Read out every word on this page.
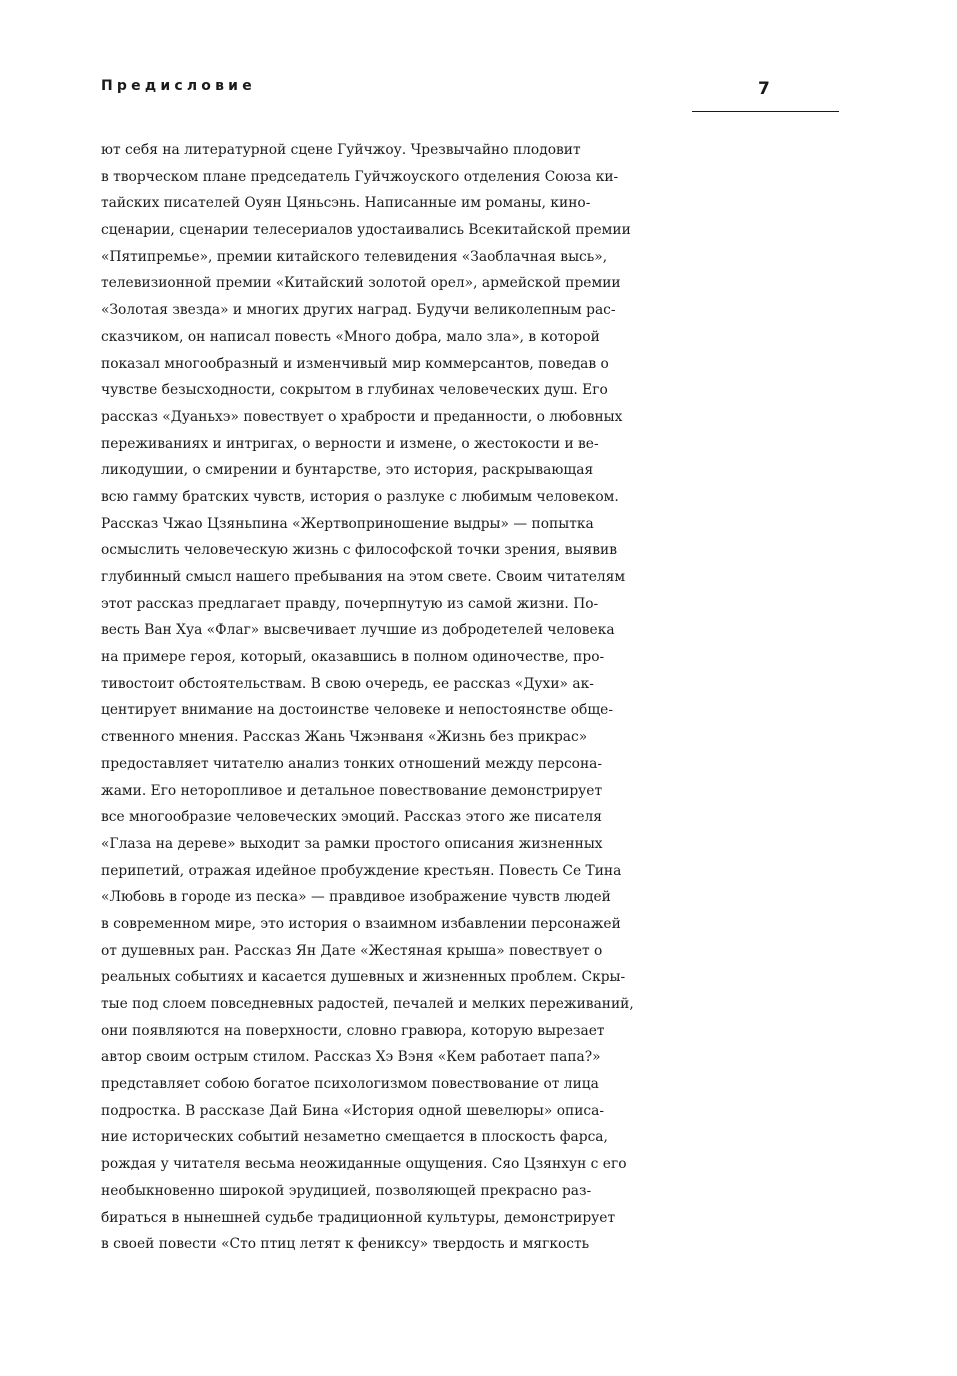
Предисловие	7
ют себя на литературной сцене Гуйчжоу. Чрезвычайно плодовит
в творческом плане председатель Гуйчжоуского отделения Союза ки-
тайских писателей Оуян Цяньсэнь. Написанные им романы, кино-
сценарии, сценарии телесериалов удостаивались Всекитайской премии
«Пятипремье», премии китайского телевидения «Заоблачная высь»,
телевизионной премии «Китайский золотой орел», армейской премии
«Золотая звезда» и многих других наград. Будучи великолепным рас-
сказчиком, он написал повесть «Много добра, мало зла», в которой
показал многообразный и изменчивый мир коммерсантов, поведав о
чувстве безысходности, сокрытом в глубинах человеческих душ. Его
рассказ «Дуаньхэ» повествует о храбрости и преданности, о любовных
переживаниях и интригах, о верности и измене, о жестокости и ве-
ликодушии, о смирении и бунтарстве, это история, раскрывающая
всю гамму братских чувств, история о разлуке с любимым человеком.
Рассказ Чжао Цзяньпина «Жертвоприношение выдры» — попытка
осмыслить человеческую жизнь с философской точки зрения, выявив
глубинный смысл нашего пребывания на этом свете. Своим читателям
этот рассказ предлагает правду, почерпнутую из самой жизни. По-
весть Ван Хуа «Флаг» высвечивает лучшие из добродетелей человека
на примере героя, который, оказавшись в полном одиночестве, про-
тивостоит обстоятельствам. В свою очередь, ее рассказ «Духи» ак-
центирует внимание на достоинстве человеке и непостоянстве обще-
ственного мнения. Рассказ Жань Чжэнваня «Жизнь без прикрас»
предоставляет читателю анализ тонких отношений между персона-
жами. Его неторопливое и детальное повествование демонстрирует
все многообразие человеческих эмоций. Рассказ этого же писателя
«Глаза на дереве» выходит за рамки простого описания жизненных
перипетий, отражая идейное пробуждение крестьян. Повесть Се Тина
«Любовь в городе из песка» — правдивое изображение чувств людей
в современном мире, это история о взаимном избавлении персонажей
от душевных ран. Рассказ Ян Дате «Жестяная крыша» повествует о
реальных событиях и касается душевных и жизненных проблем. Скры-
тые под слоем повседневных радостей, печалей и мелких переживаний,
они появляются на поверхности, словно гравюра, которую вырезает
автор своим острым стилом. Рассказ Хэ Вэня «Кем работает папа?»
представляет собою богатое психологизмом повествование от лица
подростка. В рассказе Дай Бина «История одной шевелюры» описа-
ние исторических событий незаметно смещается в плоскость фарса,
рождая у читателя весьма неожиданные ощущения. Сяо Цзянхун с его
необыкновенно широкой эрудицией, позволяющей прекрасно раз-
бираться в нынешней судьбе традиционной культуры, демонстрирует
в своей повести «Сто птиц летят к фениксу» твердость и мягкость
